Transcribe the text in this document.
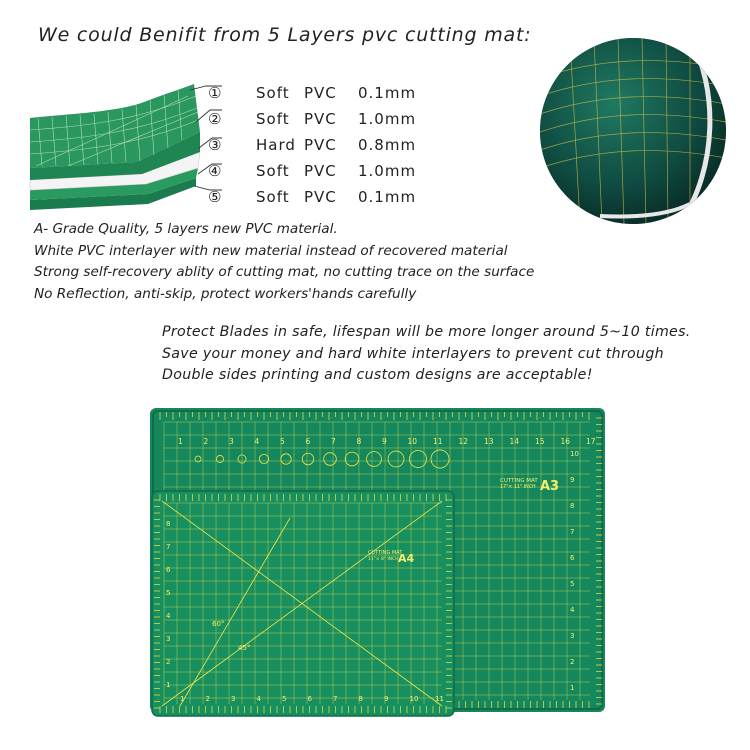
We could Benifit from 5 Layers pvc cutting mat:
①	Soft PVC	0.1mm
②	Soft PVC	1.0mm
③	Hard PVC	0.8mm
④	Soft PVC	1.0mm
⑤	Soft PVC	0.1mm
A- Grade Quality, 5 layers new PVC material.
White PVC interlayer with new material instead of recovered material
Strong self-recovery ablity of cutting mat, no cutting trace on the surface
No Reflection, anti-skip, protect workers'hands carefully
Protect Blades in safe, lifespan will be more longer around 5~10 times.
Save your money and hard white interlayers to prevent cut through
Double sides printing and custom designs are acceptable!
1	2	3	4	5	6	7	8	9	10 11 12 13 14 15 16 17
10
9
8
7
6
5
4
3
2
1
CUTTING MAT
17"× 11" INCH A3
1	2	3	4	5	6	7	8	9	10 11
8
7
6
5
4
3
2
1
CUTTING MAT
11"× 8" INCH A4
60°
45°
